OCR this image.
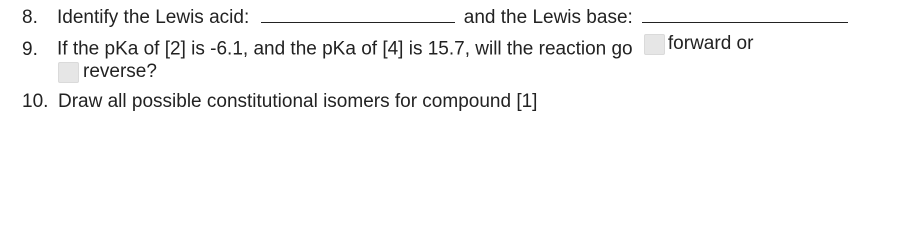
8. Identify the Lewis acid:	and the Lewis base:
9. If the pKa of [2] is -6.1, and the pKa of [4] is 15.7, will the reaction go forward or
reverse?
10. Draw all possible constitutional isomers for compound [1]
